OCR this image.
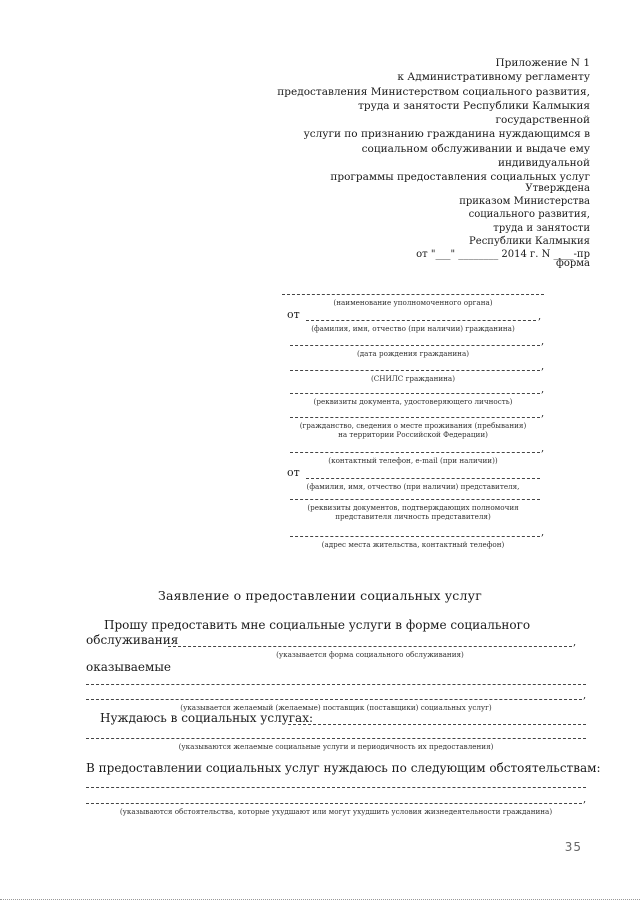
Приложение N 1
к Административному регламенту
предоставления Министерством социального развития,
труда и занятости Республики Калмыкия государственной
услуги по признанию гражданина нуждающимся в
социальном обслуживании и выдаче ему индивидуальной
программы предоставления социальных услуг
Утверждена
приказом Министерства
социального развития,
труда и занятости
Республики Калмыкия
от "___" ________ 2014 г. N ____-пр
форма
(наименование уполномоченного органа)
от	,
(фамилия, имя, отчество (при наличии) гражданина)
,
(дата рождения гражданина)
,
(СНИЛС гражданина)
,
(реквизиты документа, удостоверяющего личность)
,
(гражданство, сведения о месте проживания (пребывания)
на территории Российской Федерации)
,
(контактный телефон, e-mail (при наличии))
от
(фамилия, имя, отчество (при наличии) представителя,
(реквизиты документов, подтверждающих полномочия
представителя личность представителя)
,
(адрес места жительства, контактный телефон)
Заявление о предоставлении социальных услуг
Прошу предоставить мне социальные услуги в форме социального
обслуживания	,
(указывается форма социального обслуживания)
оказываемые
,
(указывается желаемый (желаемые) поставщик (поставщики) социальных услуг)
Нуждаюсь в социальных услугах:
(указываются желаемые социальные услуги и периодичность их предоставления)
В предоставлении социальных услуг нуждаюсь по следующим обстоятельствам:
,
(указываются обстоятельства, которые ухудшают или могут ухудшить условия жизнедеятельности гражданина)
35
